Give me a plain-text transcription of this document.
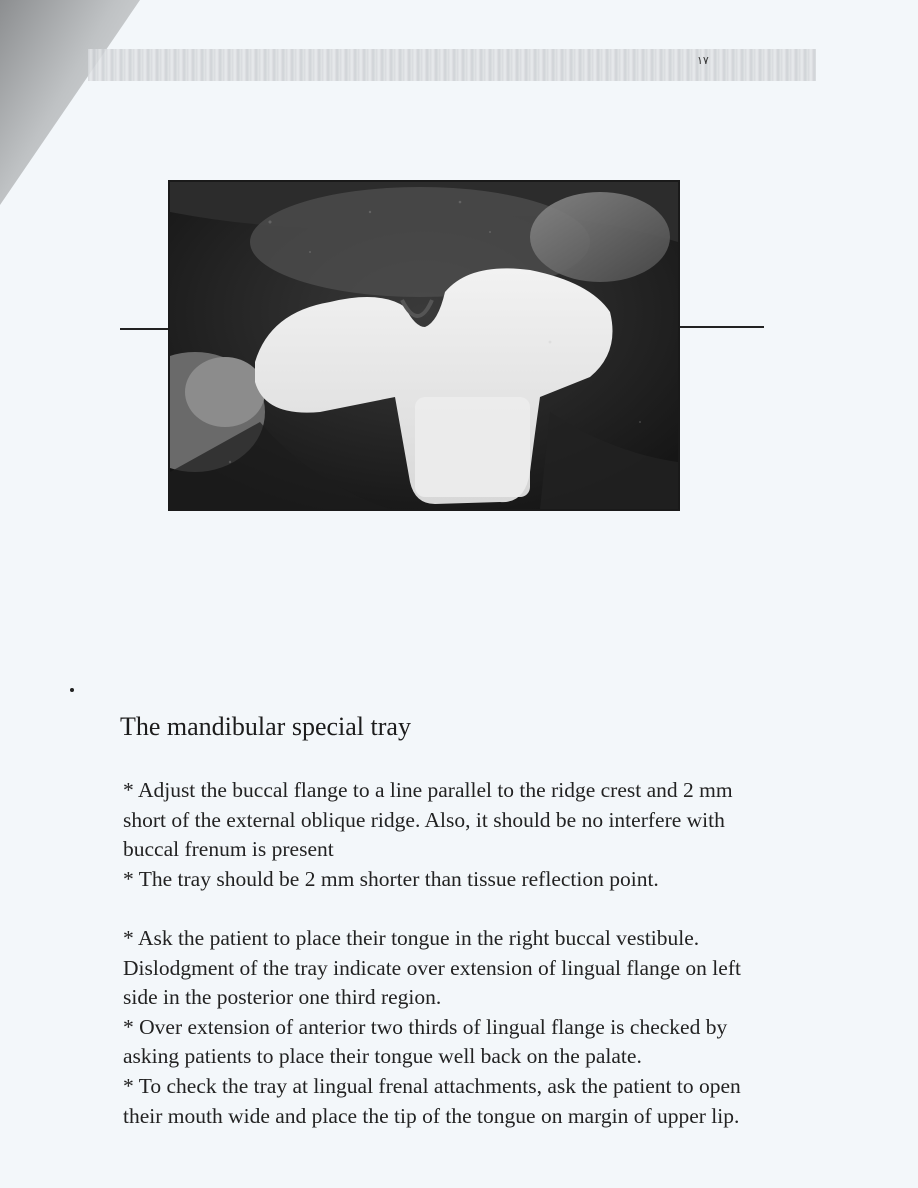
١٧
The mandibular special tray

* Adjust the buccal flange to a line parallel to the ridge crest and 2 mm short of the external oblique ridge. Also, it should be no interfere with buccal frenum is present

* The tray should be 2 mm shorter than tissue reflection point.

* Ask the patient to place their tongue in the right buccal vestibule. Dislodgment of the tray indicate over extension of lingual flange on left side in the posterior one third region.

* Over extension of anterior two thirds of lingual flange is checked by asking patients to place their tongue well back on the palate.

* To check the tray at lingual frenal attachments, ask the patient to open their mouth wide and place the tip of the tongue on margin of upper lip.
